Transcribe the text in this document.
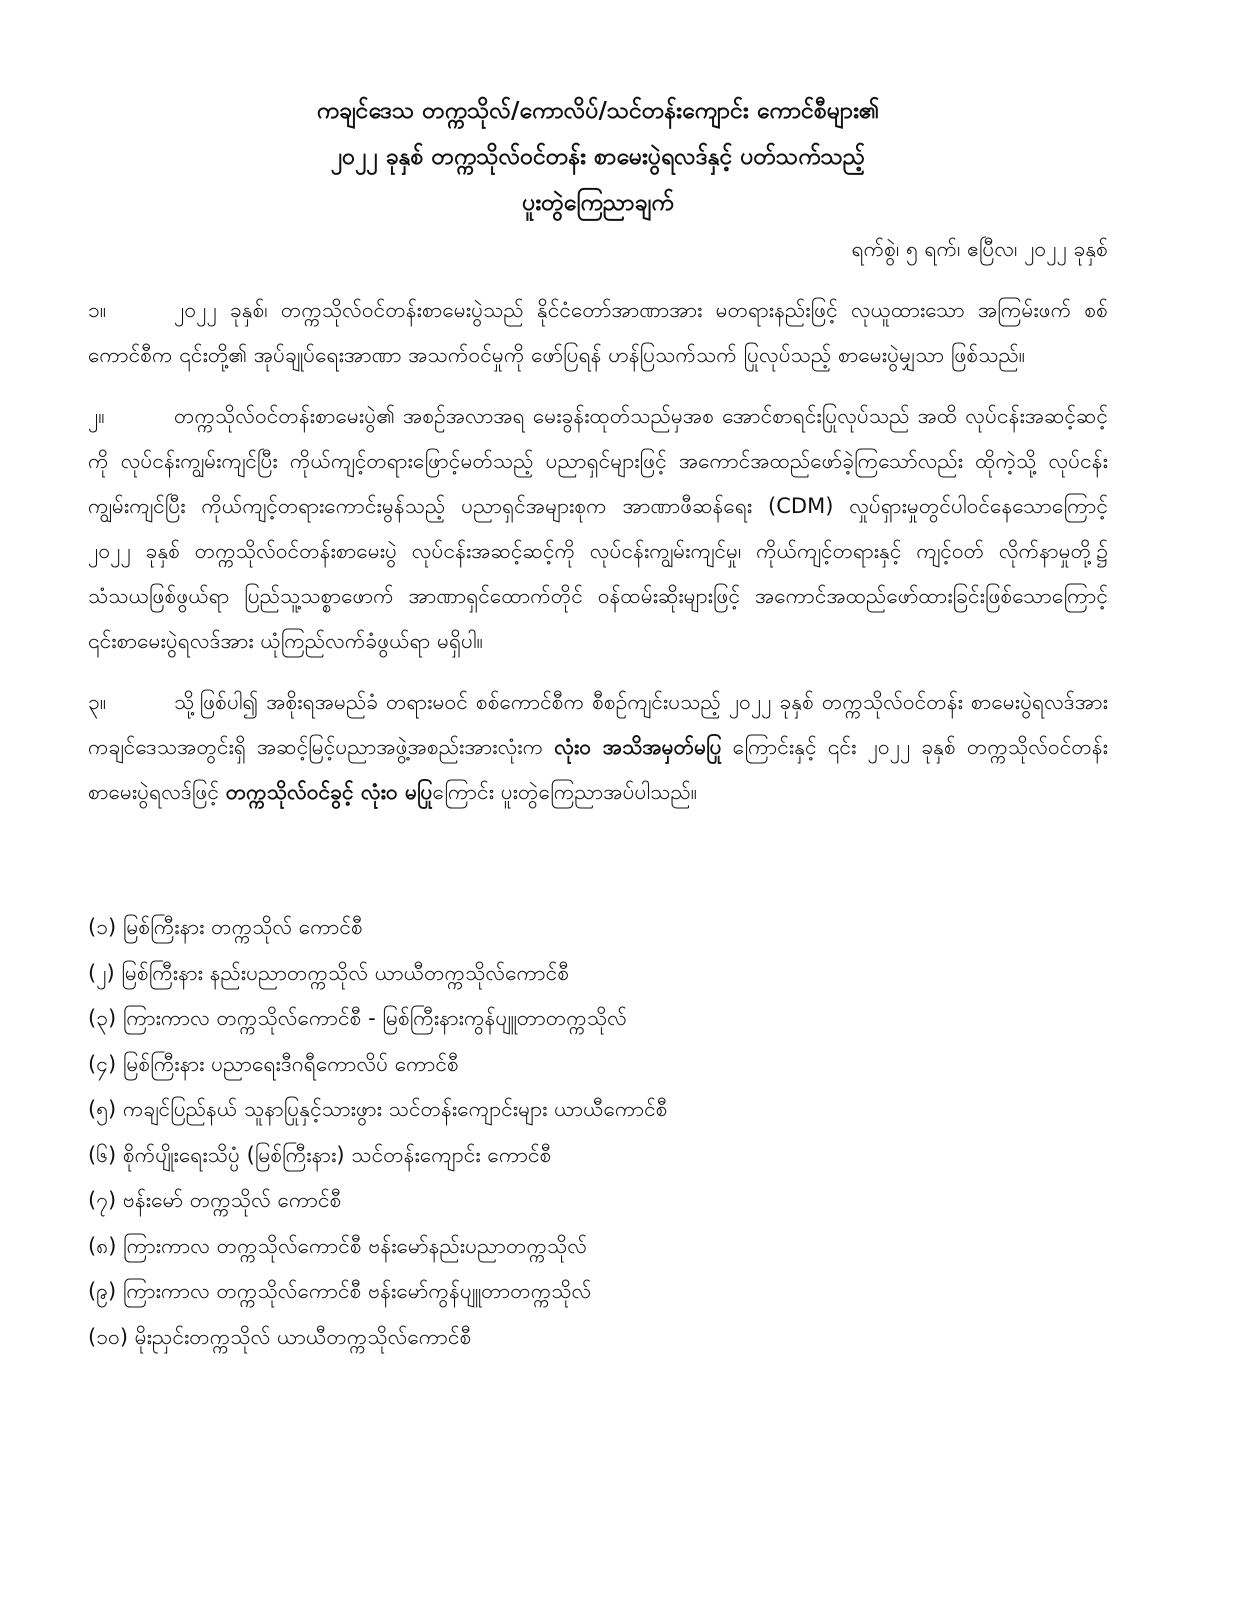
ကချင်ဒေသ တက္ကသိုလ်/ကောလိပ်/သင်တန်းကျောင်း ကောင်စီများ၏

၂၀၂၂ ခုနှစ် တက္ကသိုလ်ဝင်တန်း စာမေးပွဲရလဒ်နှင့် ပတ်သက်သည့်

ပူးတွဲကြေညာချက်

ရက်စွဲ၊ ၅ ရက်၊ ဧပြီလ၊ ၂၀၂၂ ခုနှစ်

၁။	၂၀၂၂ ခုနှစ်၊ တက္ကသိုလ်ဝင်တန်းစာမေးပွဲသည် နိုင်ငံတော်အာဏာအား မတရားနည်းဖြင့် လုယူထားသော အကြမ်းဖက် စစ်ကောင်စီက ၎င်းတို့၏ အုပ်ချုပ်ရေးအာဏာ အသက်ဝင်မှုကို ဖော်ပြရန် ဟန်ပြသက်သက် ပြုလုပ်သည့် စာမေးပွဲမျှသာ ဖြစ်သည်။

၂။	တက္ကသိုလ်ဝင်တန်းစာမေးပွဲ၏ အစဉ်အလာအရ မေးခွန်းထုတ်သည်မှအစ အောင်စာရင်းပြုလုပ်သည် အထိ လုပ်ငန်းအဆင့်ဆင့်ကို လုပ်ငန်းကျွမ်းကျင်ပြီး ကိုယ်ကျင့်တရားဖြောင့်မတ်သည့် ပညာရှင်များဖြင့် အကောင်အထည်ဖော်ခဲ့ကြသော်လည်း ထိုကဲ့သို့ လုပ်ငန်းကျွမ်းကျင်ပြီး ကိုယ်ကျင့်တရားကောင်းမွန်သည့် ပညာရှင်အများစုက အာဏာဖီဆန်ရေး (CDM) လှုပ်ရှားမှုတွင်ပါဝင်နေသောကြောင့် ၂၀၂၂ ခုနှစ် တက္ကသိုလ်ဝင်တန်းစာမေးပွဲ လုပ်ငန်းအဆင့်ဆင့်ကို လုပ်ငန်းကျွမ်းကျင်မှု၊ ကိုယ်ကျင့်တရားနှင့် ကျင့်ဝတ် လိုက်နာမှုတို့၌ သံသယဖြစ်ဖွယ်ရာ ပြည်သူ့သစ္စာဖောက် အာဏာရှင်ထောက်တိုင် ဝန်ထမ်းဆိုးများဖြင့် အကောင်အထည်ဖော်ထားခြင်းဖြစ်သောကြောင့် ၎င်းစာမေးပွဲရလဒ်အား ယုံကြည်လက်ခံဖွယ်ရာ မရှိပါ။

၃။	သို့ဖြစ်ပါ၍ အစိုးရအမည်ခံ တရားမဝင် စစ်ကောင်စီက စီစဉ်ကျင်းပသည့် ၂၀၂၂ ခုနှစ် တက္ကသိုလ်ဝင်တန်း စာမေးပွဲရလဒ်အား ကချင်ဒေသအတွင်းရှိ အဆင့်မြင့်ပညာအဖွဲ့အစည်းအားလုံးက လုံးဝ အသိအမှတ်မပြု ကြောင်းနှင့် ၎င်း ၂၀၂၂ ခုနှစ် တက္ကသိုလ်ဝင်တန်းစာမေးပွဲရလဒ်ဖြင့် တက္ကသိုလ်ဝင်ခွင့် လုံးဝ မပြုကြောင်း ပူးတွဲကြေညာအပ်ပါသည်။

(၁) မြစ်ကြီးနား တက္ကသိုလ် ကောင်စီ
(၂) မြစ်ကြီးနား နည်းပညာတက္ကသိုလ် ယာယီတက္ကသိုလ်ကောင်စီ
(၃) ကြားကာလ တက္ကသိုလ်ကောင်စီ - မြစ်ကြီးနားကွန်ပျူတာတက္ကသိုလ်
(၄) မြစ်ကြီးနား ပညာရေးဒီဂရီကောလိပ် ကောင်စီ
(၅) ကချင်ပြည်နယ် သူနာပြုနှင့်သားဖွား သင်တန်းကျောင်းများ ယာယီကောင်စီ
(၆) စိုက်ပျိုးရေးသိပ္ပံ (မြစ်ကြီးနား) သင်တန်းကျောင်း ကောင်စီ
(၇) ဗန်းမော် တက္ကသိုလ် ကောင်စီ
(၈) ကြားကာလ တက္ကသိုလ်ကောင်စီ ဗန်းမော်နည်းပညာတက္ကသိုလ်
(၉) ကြားကာလ တက္ကသိုလ်ကောင်စီ ဗန်းမော်ကွန်ပျူတာတက္ကသိုလ်
(၁၀) မိုးညှင်းတက္ကသိုလ် ယာယီတက္ကသိုလ်ကောင်စီ
